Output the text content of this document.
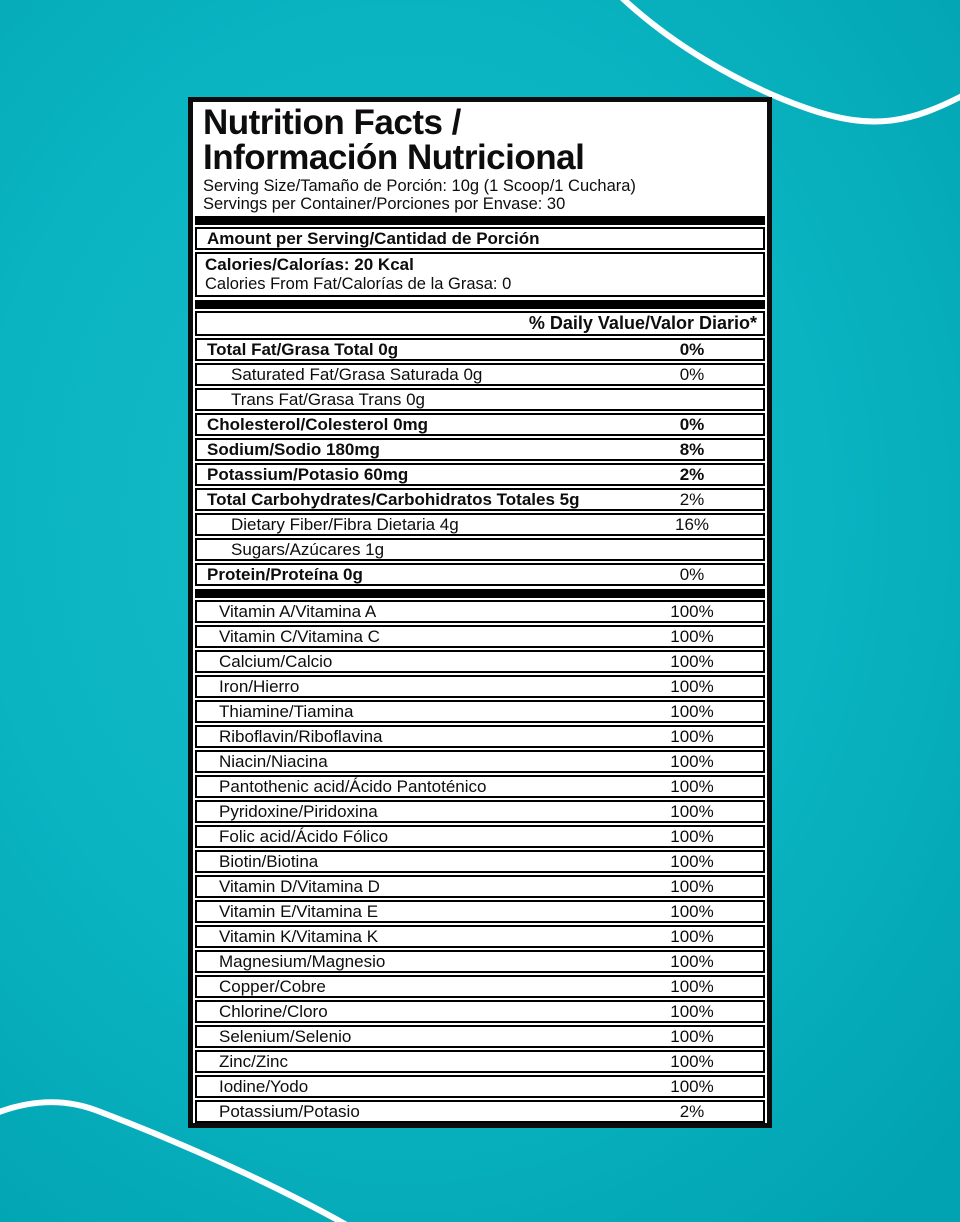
Nutrition Facts /
Información Nutricional
Serving Size/Tamaño de Porción: 10g (1 Scoop/1 Cuchara)
Servings per Container/Porciones por Envase: 30
Amount per Serving/Cantidad de Porción
Calories/Calorías: 20 Kcal
Calories From Fat/Calorías de la Grasa: 0
% Daily Value/Valor Diario*
Total Fat/Grasa Total 0g	0%
Saturated Fat/Grasa Saturada 0g	0%
Trans Fat/Grasa Trans 0g
Cholesterol/Colesterol 0mg	0%
Sodium/Sodio 180mg	8%
Potassium/Potasio 60mg	2%
Total Carbohydrates/Carbohidratos Totales 5g	2%
Dietary Fiber/Fibra Dietaria 4g	16%
Sugars/Azúcares 1g
Protein/Proteína 0g	0%
Vitamin A/Vitamina A	100%
Vitamin C/Vitamina C	100%
Calcium/Calcio	100%
Iron/Hierro	100%
Thiamine/Tiamina	100%
Riboflavin/Riboflavina	100%
Niacin/Niacina	100%
Pantothenic acid/Ácido Pantoténico	100%
Pyridoxine/Piridoxina	100%
Folic acid/Ácido Fólico	100%
Biotin/Biotina	100%
Vitamin D/Vitamina D	100%
Vitamin E/Vitamina E	100%
Vitamin K/Vitamina K	100%
Magnesium/Magnesio	100%
Copper/Cobre	100%
Chlorine/Cloro	100%
Selenium/Selenio	100%
Zinc/Zinc	100%
Iodine/Yodo	100%
Potassium/Potasio	2%
